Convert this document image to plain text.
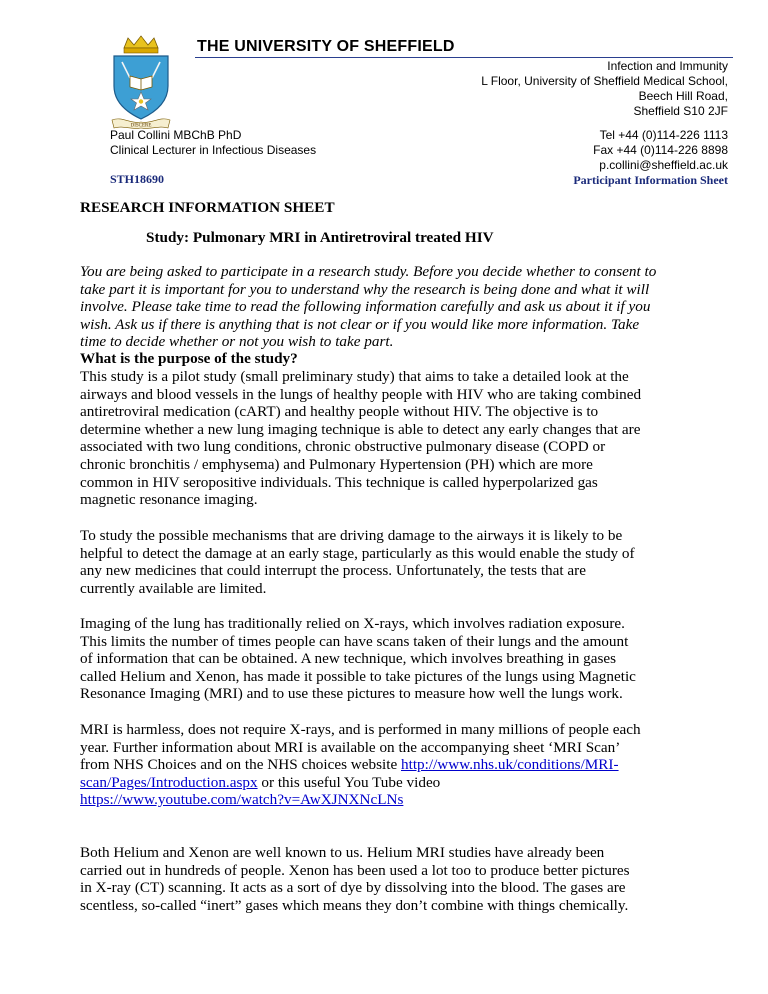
DISCERE
THE UNIVERSITY OF SHEFFIELD
Infection and Immunity
L Floor, University of Sheffield Medical School,
Beech Hill Road,
Sheffield S10 2JF
Paul Collini MBChB PhD
Clinical Lecturer in Infectious Diseases
Tel +44 (0)114-226 1113
Fax +44 (0)114-226 8898
p.collini@sheffield.ac.uk
Participant Information Sheet
STH18690
RESEARCH INFORMATION SHEET
Study: Pulmonary MRI in Antiretroviral treated HIV
You are being asked to participate in a research study. Before you decide whether to consent to
take part it is important for you to understand why the research is being done and what it will
involve. Please take time to read the following information carefully and ask us about it if you
wish. Ask us if there is anything that is not clear or if you would like more information. Take
time to decide whether or not you wish to take part.
What is the purpose of the study?
This study is a pilot study (small preliminary study) that aims to take a detailed look at the
airways and blood vessels in the lungs of healthy people with HIV who are taking combined
antiretroviral medication (cART) and healthy people without HIV. The objective is to
determine whether a new lung imaging technique is able to detect any early changes that are
associated with two lung conditions, chronic obstructive pulmonary disease (COPD or
chronic bronchitis / emphysema) and Pulmonary Hypertension (PH) which are more
common in HIV seropositive individuals. This technique is called hyperpolarized gas
magnetic resonance imaging.
To study the possible mechanisms that are driving damage to the airways it is likely to be
helpful to detect the damage at an early stage, particularly as this would enable the study of
any new medicines that could interrupt the process. Unfortunately, the tests that are
currently available are limited.
Imaging of the lung has traditionally relied on X-rays, which involves radiation exposure.
This limits the number of times people can have scans taken of their lungs and the amount
of information that can be obtained. A new technique, which involves breathing in gases
called Helium and Xenon, has made it possible to take pictures of the lungs using Magnetic
Resonance Imaging (MRI) and to use these pictures to measure how well the lungs work.
MRI is harmless, does not require X-rays, and is performed in many millions of people each
year. Further information about MRI is available on the accompanying sheet ‘MRI Scan’
from NHS Choices and on the NHS choices website http://www.nhs.uk/conditions/MRI-
scan/Pages/Introduction.aspx or this useful You Tube video
https://www.youtube.com/watch?v=AwXJNXNcLNs
Both Helium and Xenon are well known to us. Helium MRI studies have already been
carried out in hundreds of people. Xenon has been used a lot too to produce better pictures
in X-ray (CT) scanning. It acts as a sort of dye by dissolving into the blood. The gases are
scentless, so-called “inert” gases which means they don’t combine with things chemically.
